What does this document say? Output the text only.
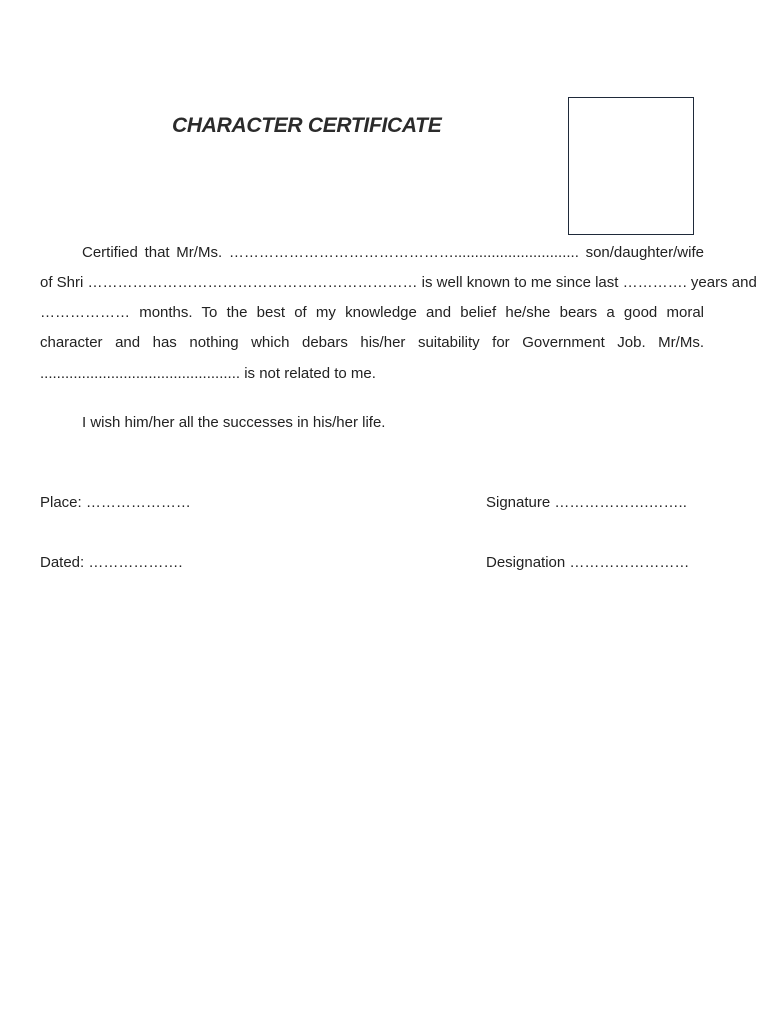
CHARACTER CERTIFICATE
Certified that Mr/Ms. ……………………………………….............................. son/daughter/wife
of Shri ………………………………………………………… is well known to me since last …………. years and
……………… months. To the best of my knowledge and belief he/she bears a good moral
character and has nothing which debars his/her suitability for Government Job. Mr/Ms.
................................................ is not related to me.
I wish him/her all the successes in his/her life.
Place: …………………	Signature ……………….……..
Dated: ……………….	Designation ……………………
